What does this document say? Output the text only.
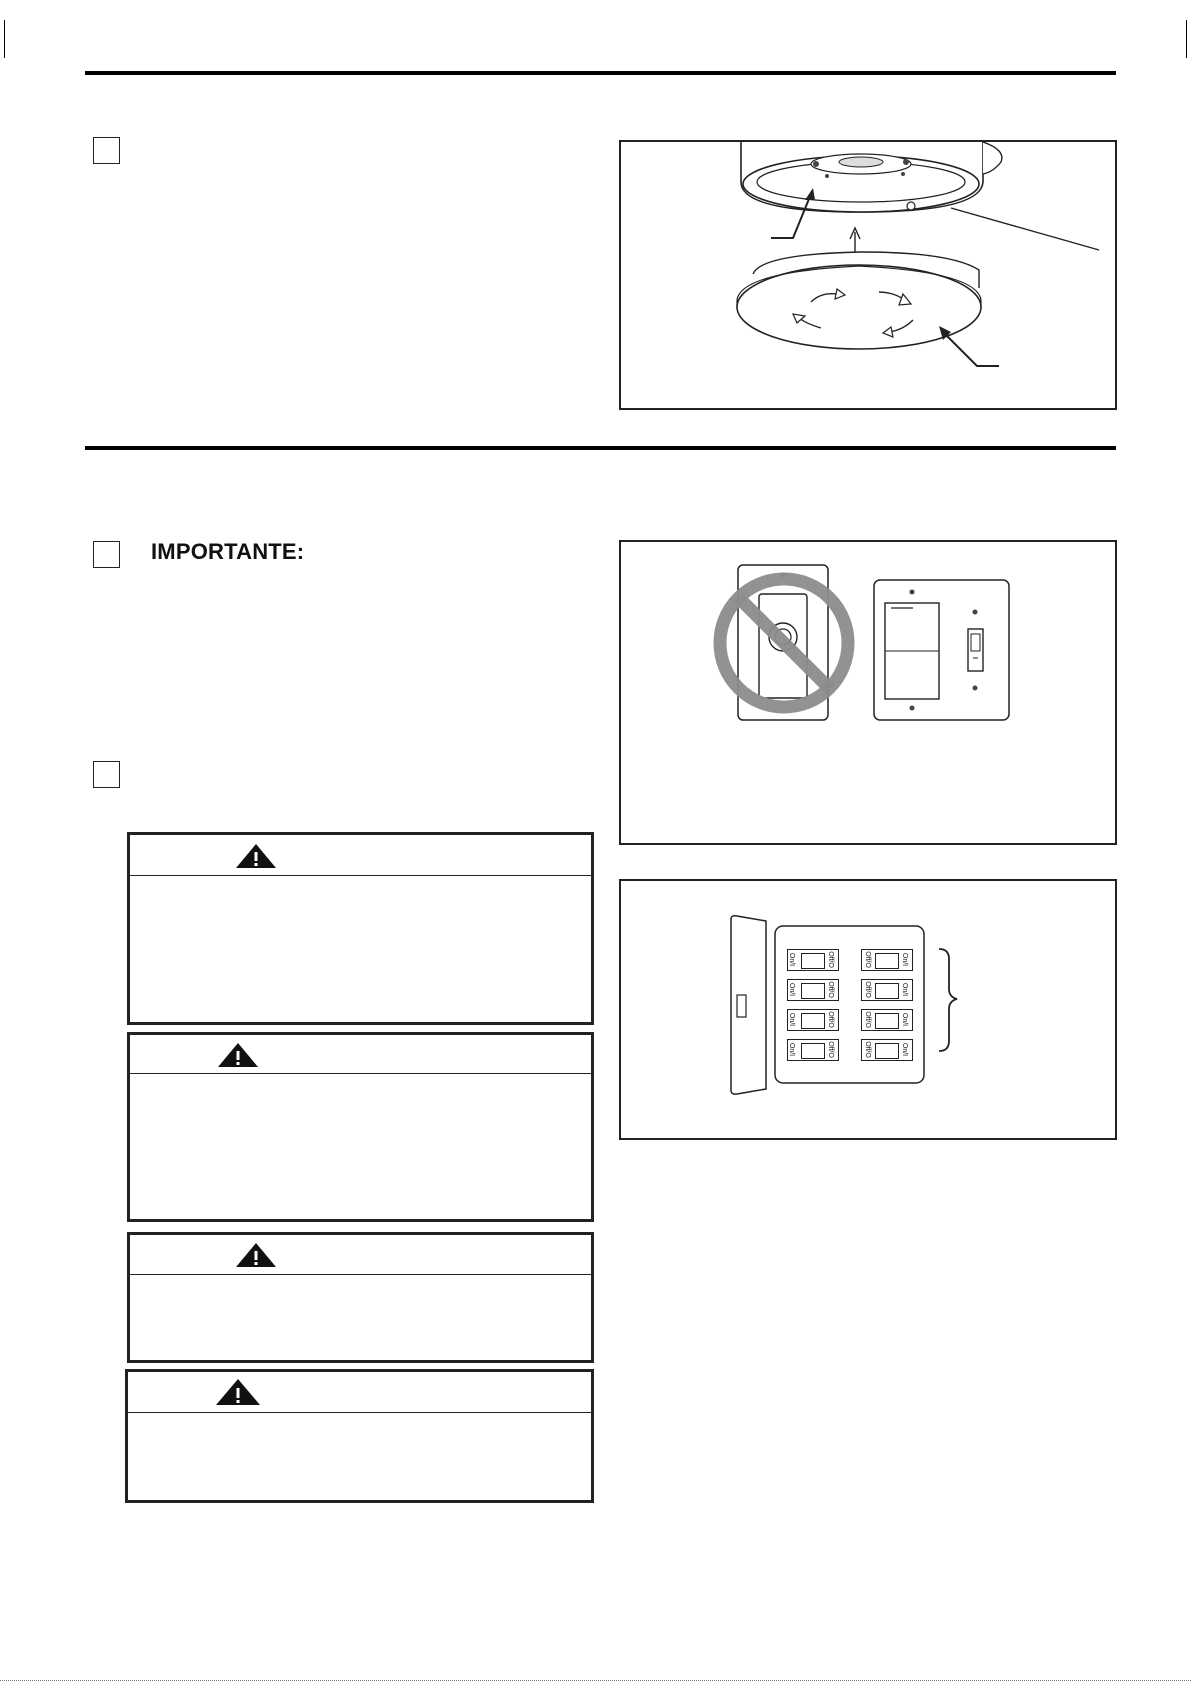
IMPORTANTE:
On/I	Off/O	Off/O	On/I
On/I	Off/O	Off/O	On/I
On/I	Off/O	Off/O	On/I
On/I	Off/O	Off/O	On/I
